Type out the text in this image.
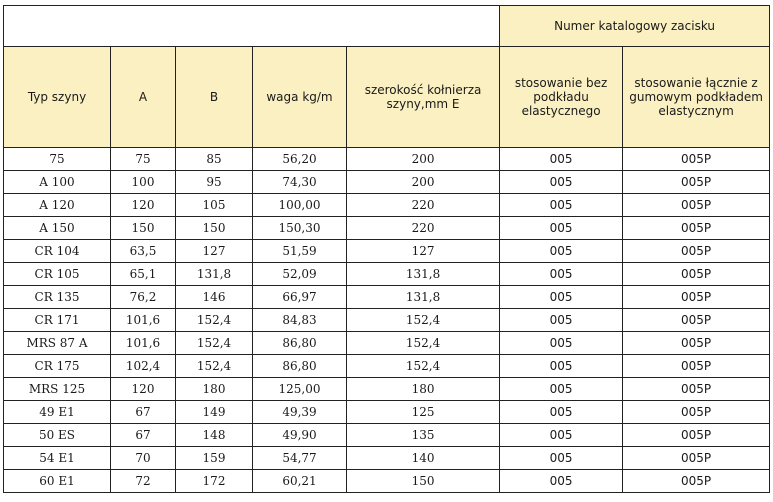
					Numer katalogowy zacisku	

Typ szyny	A	B	waga kg/m	szerokość kołnierza szyny,mm E	stosowanie bez podkładu elastycznego	stosowanie łącznie z gumowym podkładem elastycznym

75	75	85	56,20	200	005	005P
A 100	100	95	74,30	200	005	005P
A 120	120	105	100,00	220	005	005P
A 150	150	150	150,30	220	005	005P
CR 104	63,5	127	51,59	127	005	005P
CR 105	65,1	131,8	52,09	131,8	005	005P
CR 135	76,2	146	66,97	131,8	005	005P
CR 171	101,6	152,4	84,83	152,4	005	005P
MRS 87 A	101,6	152,4	86,80	152,4	005	005P
CR 175	102,4	152,4	86,80	152,4	005	005P
MRS 125	120	180	125,00	180	005	005P
49 E1	67	149	49,39	125	005	005P
50 ES	67	148	49,90	135	005	005P
54 E1	70	159	54,77	140	005	005P
60 E1	72	172	60,21	150	005	005P
